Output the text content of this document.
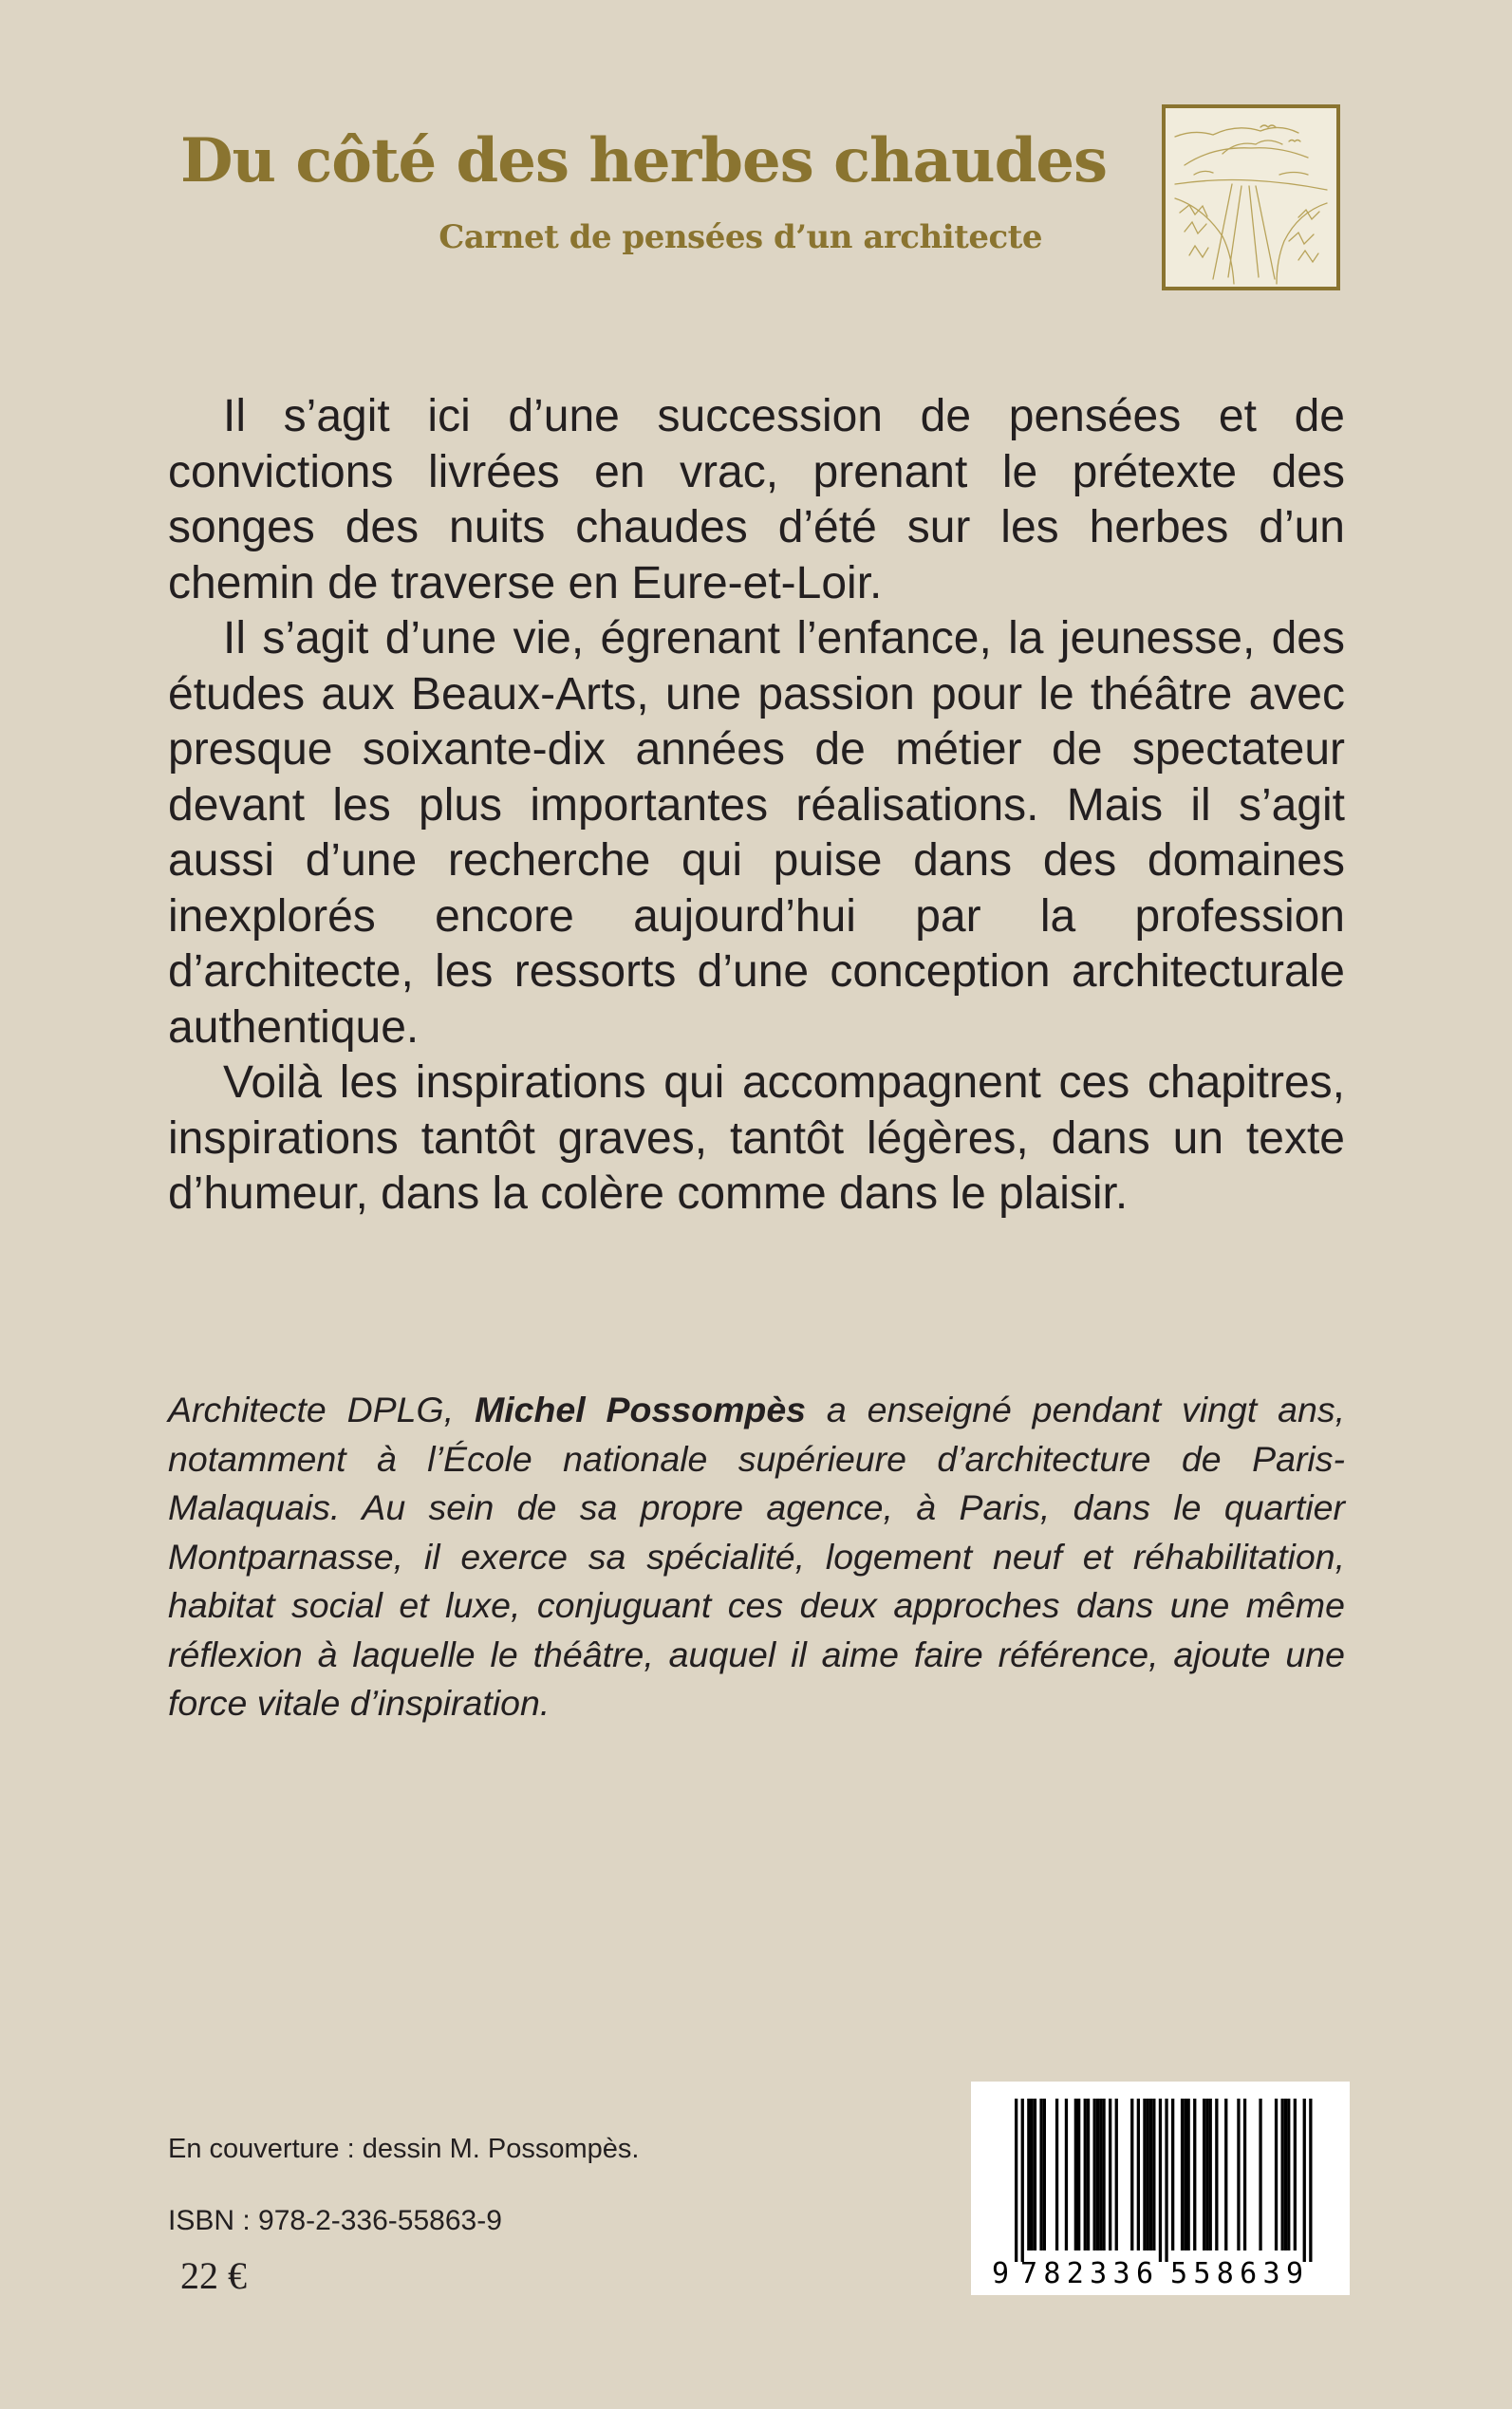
Du côté des herbes chaudes
Carnet de pensées d’un architecte

Il s’agit ici d’une succession de pensées et de convictions livrées en vrac, prenant le prétexte des songes des nuits chaudes d’été sur les herbes d’un chemin de traverse en Eure-et-Loir.

Il s’agit d’une vie, égrenant l’enfance, la jeunesse, des études aux Beaux-Arts, une passion pour le théâtre avec presque soixante-dix années de métier de spectateur devant les plus importantes réalisations. Mais il s’agit aussi d’une recherche qui puise dans des domaines inexplorés encore aujourd’hui par la profession d’architecte, les ressorts d’une conception architecturale authentique.

Voilà les inspirations qui accompagnent ces chapitres, inspirations tantôt graves, tantôt légères, dans un texte d’humeur, dans la colère comme dans le plaisir.

Architecte DPLG, Michel Possompès a enseigné pendant vingt ans, notamment à l’École nationale supérieure d’architecture de Paris-Malaquais. Au sein de sa propre agence, à Paris, dans le quartier Montparnasse, il exerce sa spécialité, logement neuf et réhabilitation, habitat social et luxe, conjuguant ces deux approches dans une même réflexion à laquelle le théâtre, auquel il aime faire référence, ajoute une force vitale d’inspiration.
En couverture : dessin M. Possompès.
ISBN : 978-2-336-55863-9
22 €	9 782336 558639
